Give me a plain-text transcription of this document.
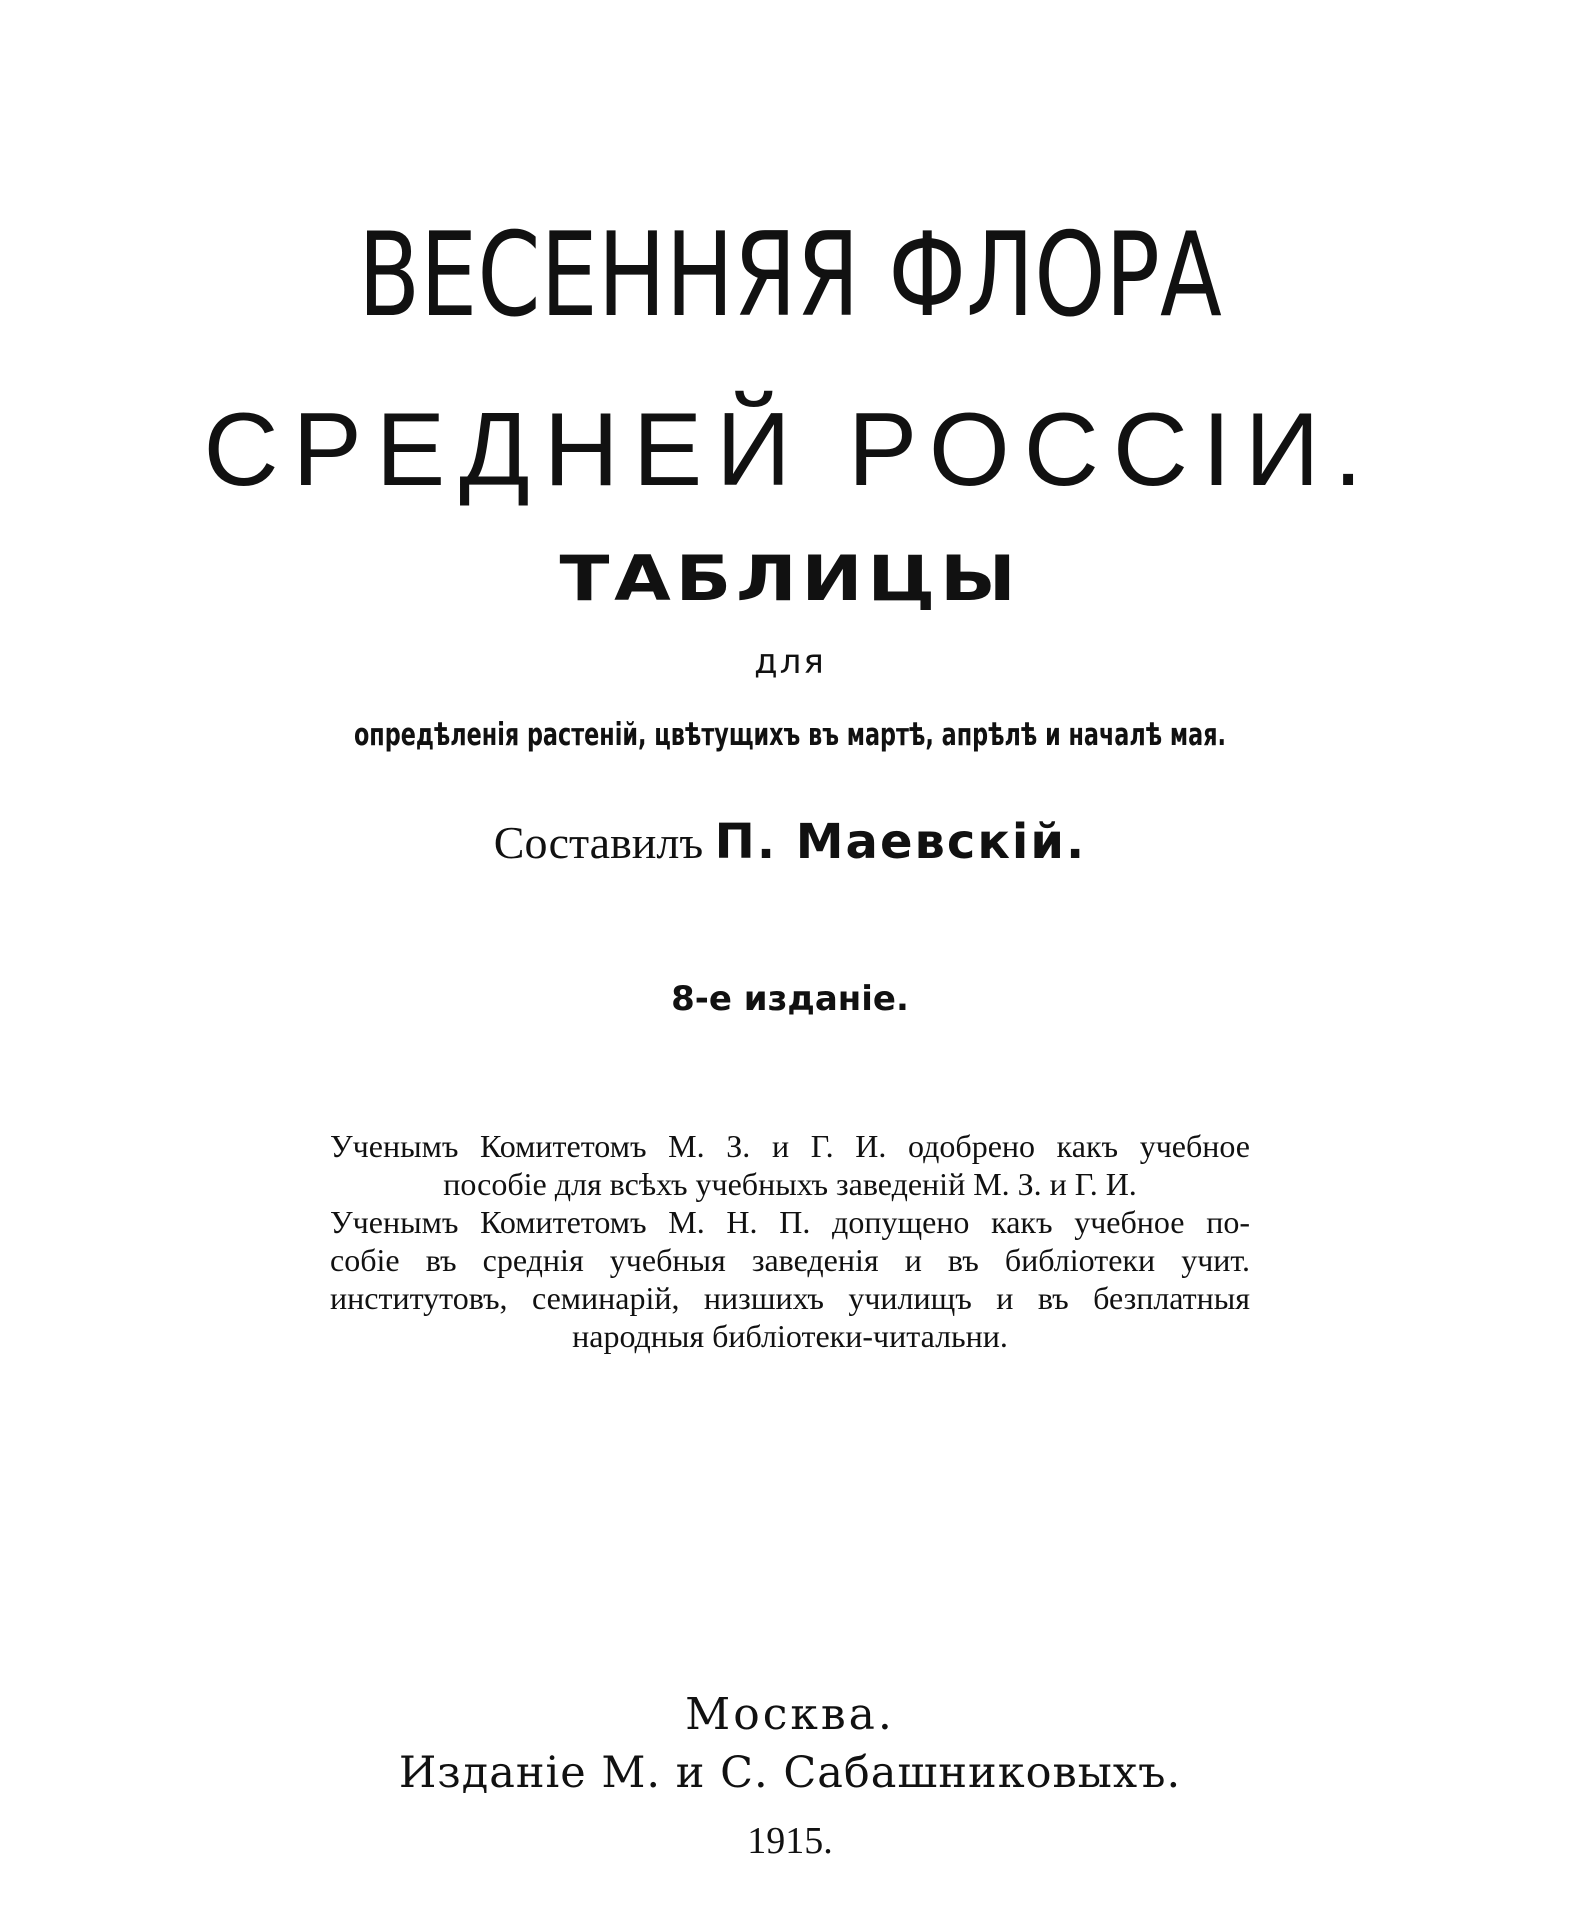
ВЕСЕННЯЯ ФЛОРА
СРЕДНЕЙ РОССІИ.
ТАБЛИЦЫ
для
опредѣленія растеній, цвѣтущихъ въ мартѣ, апрѣлѣ и началѣ мая.
Составилъ П. Маевскій.
8-е изданіе.
Ученымъ Комитетомъ М. З. и Г. И. одобрено какъ учебное
пособіе для всѣхъ учебныхъ заведеній М. З. и Г. И.
Ученымъ Комитетомъ М. Н. П. допущено какъ учебное по-
собіе въ среднія учебныя заведенія и въ библіотеки учит.
институтовъ, семинарій, низшихъ училищъ и въ безплатныя
народныя библіотеки-читальни.
Москва.
Изданіе М. и С. Сабашниковыхъ.
1915.
